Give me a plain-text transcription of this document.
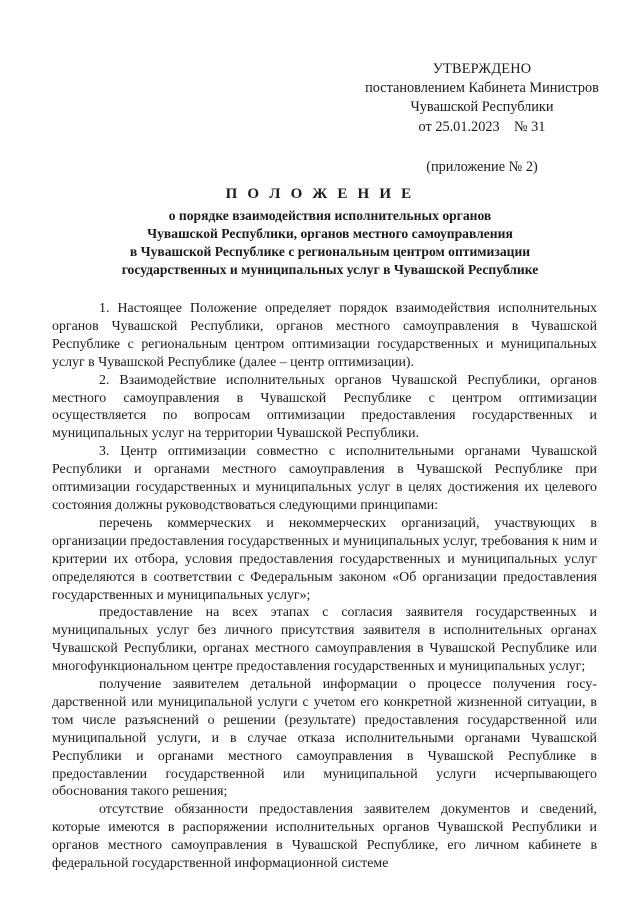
УТВЕРЖДЕНО
постановлением Кабинета Министров
Чувашской Республики
от 25.01.2023    № 31
(приложение № 2)
П О Л О Ж Е Н И Е
о порядке взаимодействия исполнительных органов
Чувашской Республики, органов местного самоуправления
в Чувашской Республике с региональным центром оптимизации
государственных и муниципальных услуг в Чувашской Республике

1. Настоящее Положение определяет порядок взаимодействия исполнительных органов Чувашской Республики, органов местного самоуправления в Чувашской Республике с региональным центром оптимизации государственных и муниципальных услуг в Чувашской Республике (далее – центр оптимизации).

2. Взаимодействие исполнительных органов Чувашской Республики, органов местного самоуправления в Чувашской Республике с центром оптимизации осуществляется по вопросам оптимизации предоставления государственных и муниципальных услуг на территории Чувашской Республики.

3. Центр оптимизации совместно с исполнительными органами Чувашской Республики и органами местного самоуправления в Чувашской Республике при оптимизации государственных и муниципальных услуг в целях достижения их целевого состояния должны руководствоваться следующими принципами:

перечень коммерческих и некоммерческих организаций, участвующих в организации предоставления государственных и муниципальных услуг, требования к ним и критерии их отбора, условия предоставления государственных и муниципальных услуг определяются в соответствии с Федеральным законом «Об организации предоставления государственных и муниципальных услуг»;

предоставление на всех этапах с согласия заявителя государственных и муниципальных услуг без личного присутствия заявителя в исполнительных органах Чувашской Республики, органах местного самоуправления в Чувашской Республике или многофункциональном центре предоставления государственных и муниципальных услуг;

получение заявителем детальной информации о процессе получения государственной или муниципальной услуги с учетом его конкретной жизненной ситуации, в том числе разъяснений о решении (результате) предоставления государственной или муниципальной услуги, и в случае отказа исполнительными органами Чувашской Республики и органами местного самоуправления в Чувашской Республике в предоставлении государственной или муниципальной услуги исчерпывающего обоснования такого решения;

отсутствие обязанности предоставления заявителем документов и сведений, которые имеются в распоряжении исполнительных органов Чувашской Республики и органов местного самоуправления в Чувашской Республике, его личном кабинете в федеральной государственной информационной системе
